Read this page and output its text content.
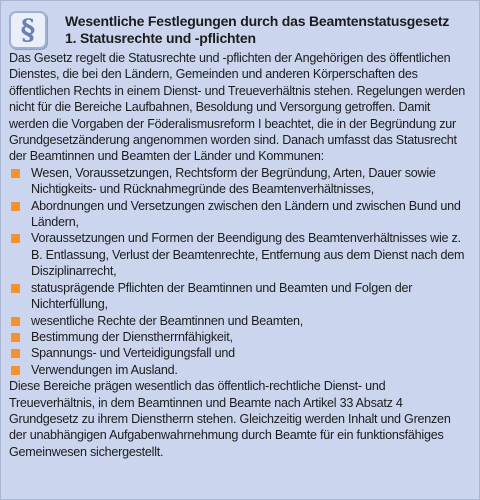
§ Wesentliche Festlegungen durch das Beamtenstatusgesetz

1. Statusrechte und -pflichten

Das Gesetz regelt die Statusrechte und -pflichten der Angehörigen des öffentlichen Dienstes, die bei den Ländern, Gemeinden und anderen Körperschaften des öffentlichen Rechts in einem Dienst- und Treueverhältnis stehen. Regelungen werden nicht für die Bereiche Laufbahnen, Besoldung und Versorgung getroffen. Damit werden die Vorgaben der Föderalismusreform I beachtet, die in der Begründung zur Grundgesetzänderung angenommen worden sind. Danach umfasst das Statusrecht der Beamtinnen und Beamten der Länder und Kommunen:

Wesen, Voraussetzungen, Rechtsform der Begründung, Arten, Dauer sowie Nichtigkeits- und Rücknahmegründe des Beamtenverhältnisses,
Abordnungen und Versetzungen zwischen den Ländern und zwischen Bund und Ländern,
Voraussetzungen und Formen der Beendigung des Beamtenverhältnisses wie z. B. Entlassung, Verlust der Beamtenrechte, Entfernung aus dem Dienst nach dem Disziplinarrecht,
statusprägende Pflichten der Beamtinnen und Beamten und Folgen der Nichterfüllung,
wesentliche Rechte der Beamtinnen und Beamten,
Bestimmung der Dienstherrnfähigkeit,
Spannungs- und Verteidigungsfall und
Verwendungen im Ausland.

Diese Bereiche prägen wesentlich das öffentlich-rechtliche Dienst- und Treueverhältnis, in dem Beamtinnen und Beamte nach Artikel 33 Absatz 4 Grundgesetz zu ihrem Dienstherrn stehen. Gleichzeitig werden Inhalt und Grenzen der unabhängigen Aufgabenwahrnehmung durch Beamte für ein funktionsfähiges Gemeinwesen sichergestellt.
